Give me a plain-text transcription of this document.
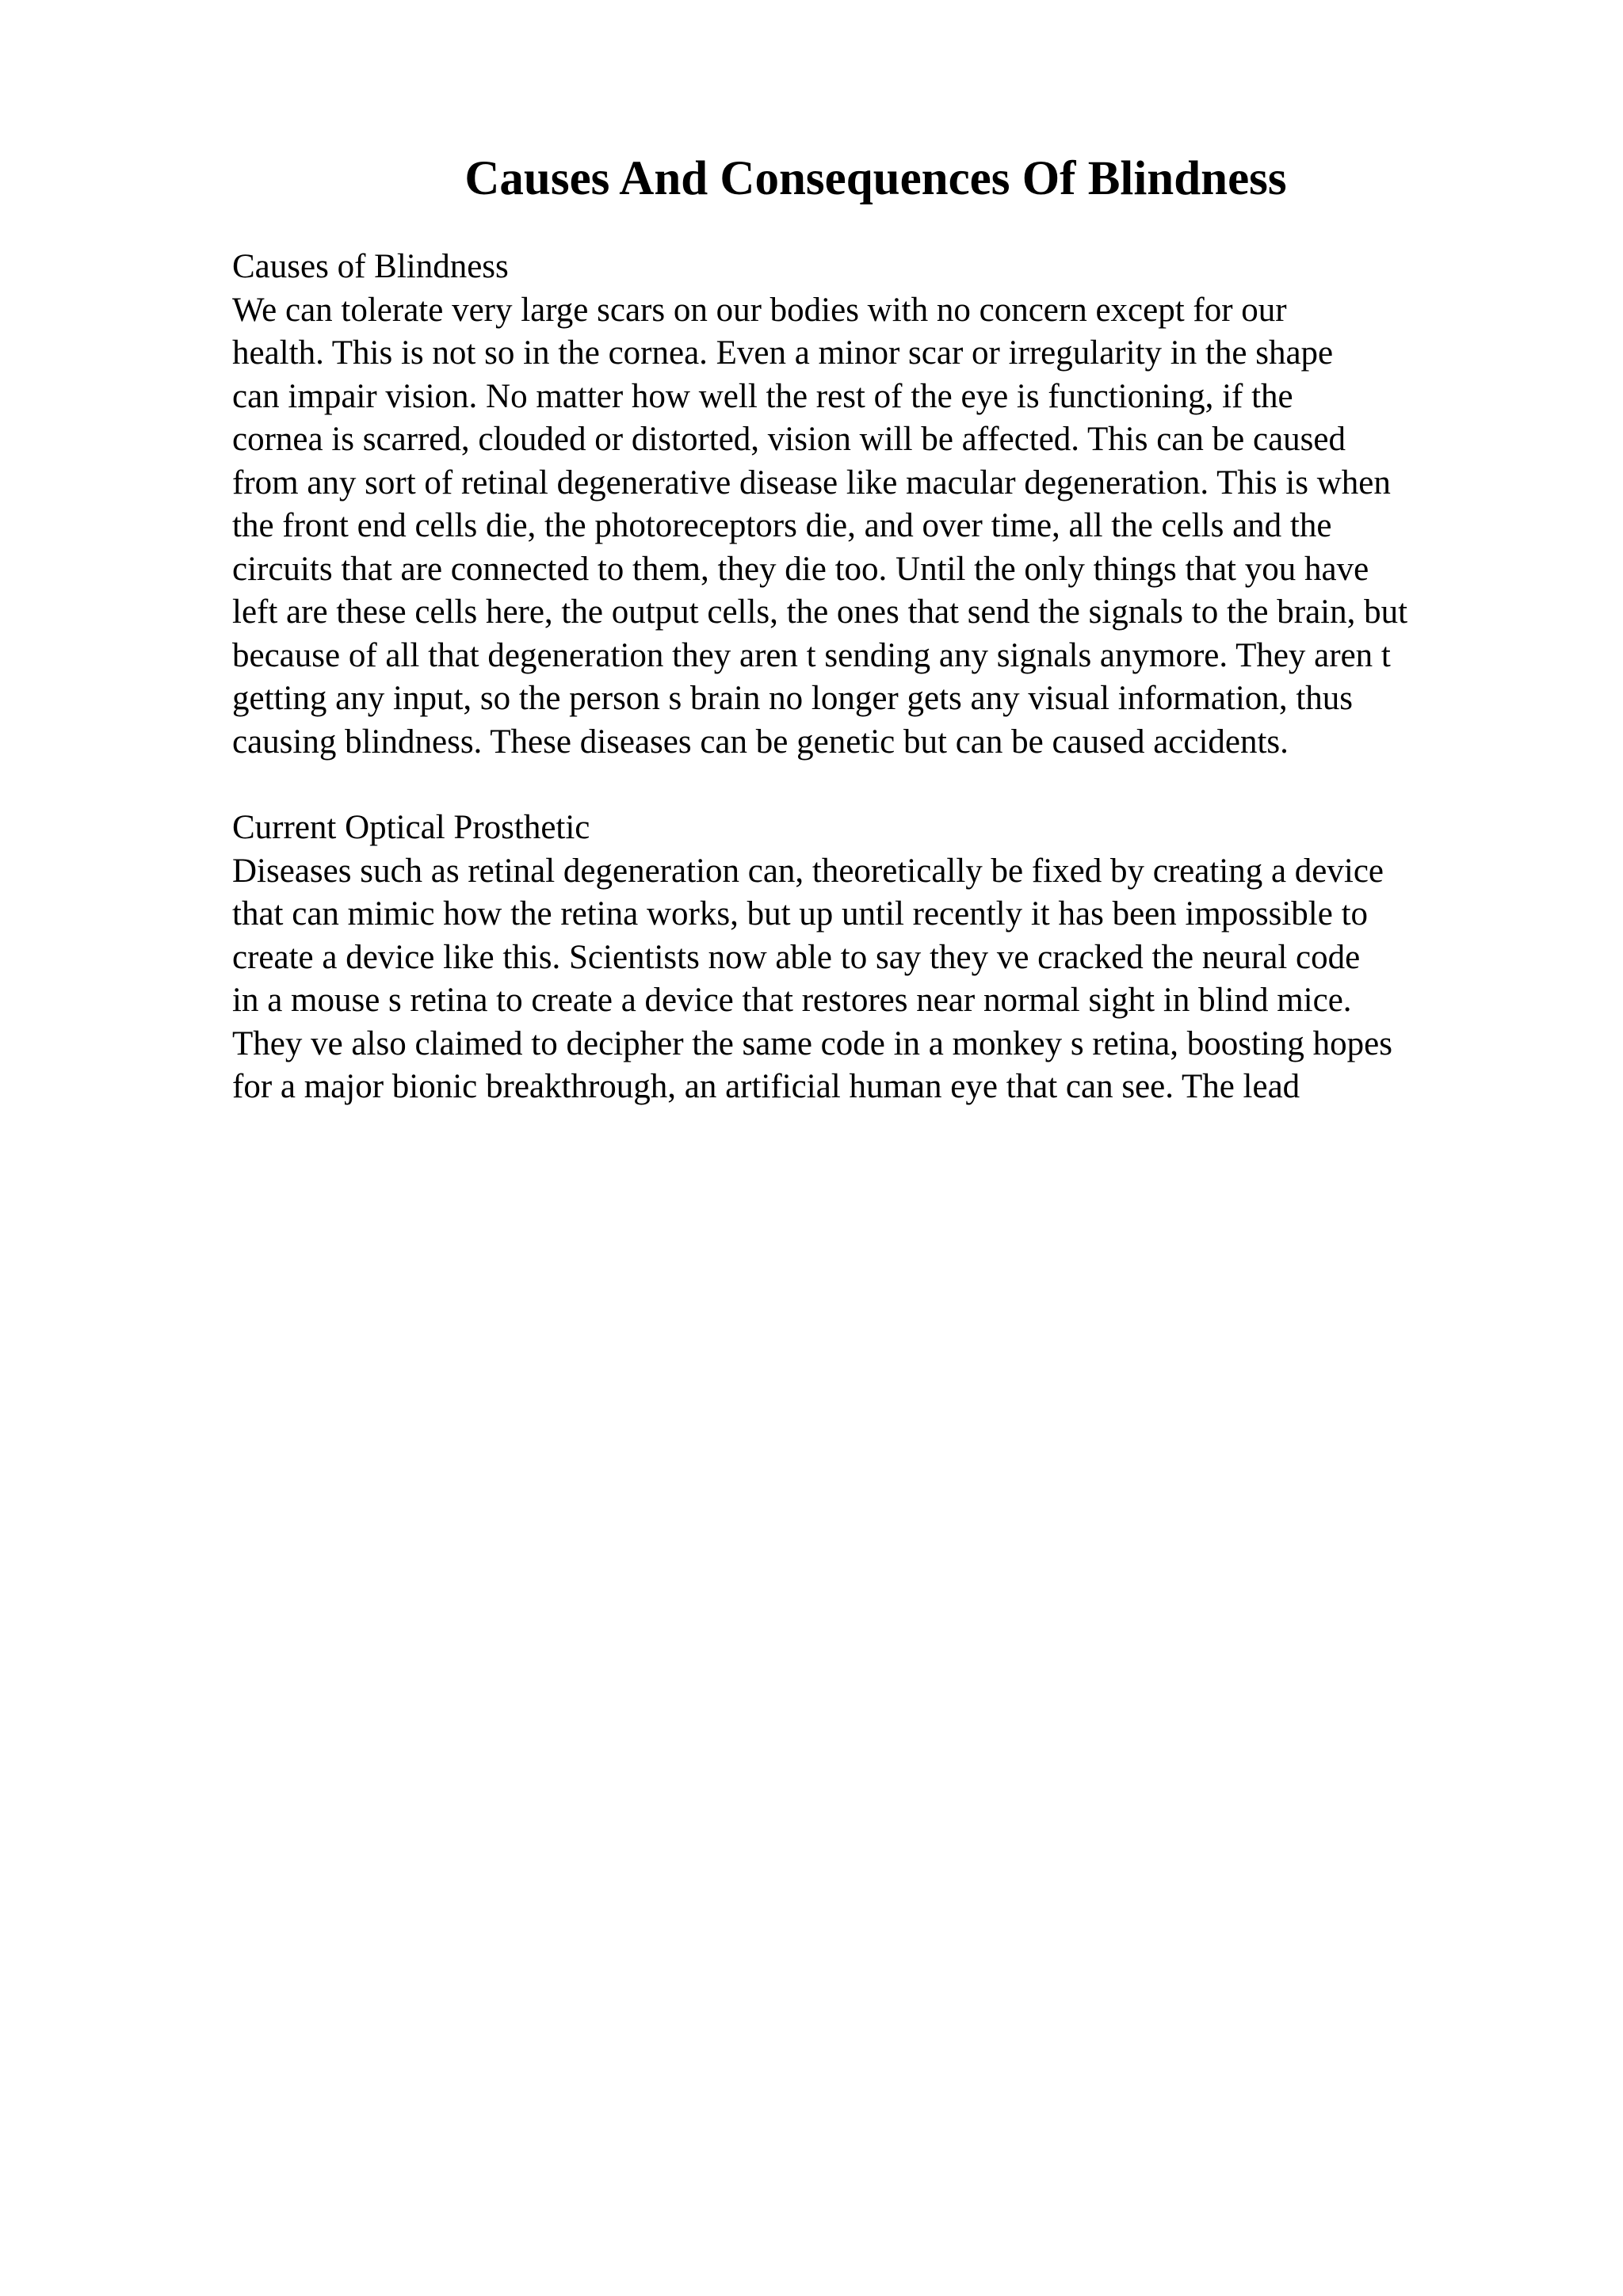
Causes And Consequences Of Blindness
Causes of Blindness
We can tolerate very large scars on our bodies with no concern except for our
health. This is not so in the cornea. Even a minor scar or irregularity in the shape
can impair vision. No matter how well the rest of the eye is functioning, if the
cornea is scarred, clouded or distorted, vision will be affected. This can be caused
from any sort of retinal degenerative disease like macular degeneration. This is when
the front end cells die, the photoreceptors die, and over time, all the cells and the
circuits that are connected to them, they die too. Until the only things that you have
left are these cells here, the output cells, the ones that send the signals to the brain, but
because of all that degeneration they aren t sending any signals anymore. They aren t
getting any input, so the person s brain no longer gets any visual information, thus
causing blindness. These diseases can be genetic but can be caused accidents.
Current Optical Prosthetic
Diseases such as retinal degeneration can, theoretically be fixed by creating a device
that can mimic how the retina works, but up until recently it has been impossible to
create a device like this. Scientists now able to say they ve cracked the neural code
in a mouse s retina to create a device that restores near normal sight in blind mice.
They ve also claimed to decipher the same code in a monkey s retina, boosting hopes
for a major bionic breakthrough, an artificial human eye that can see. The lead
